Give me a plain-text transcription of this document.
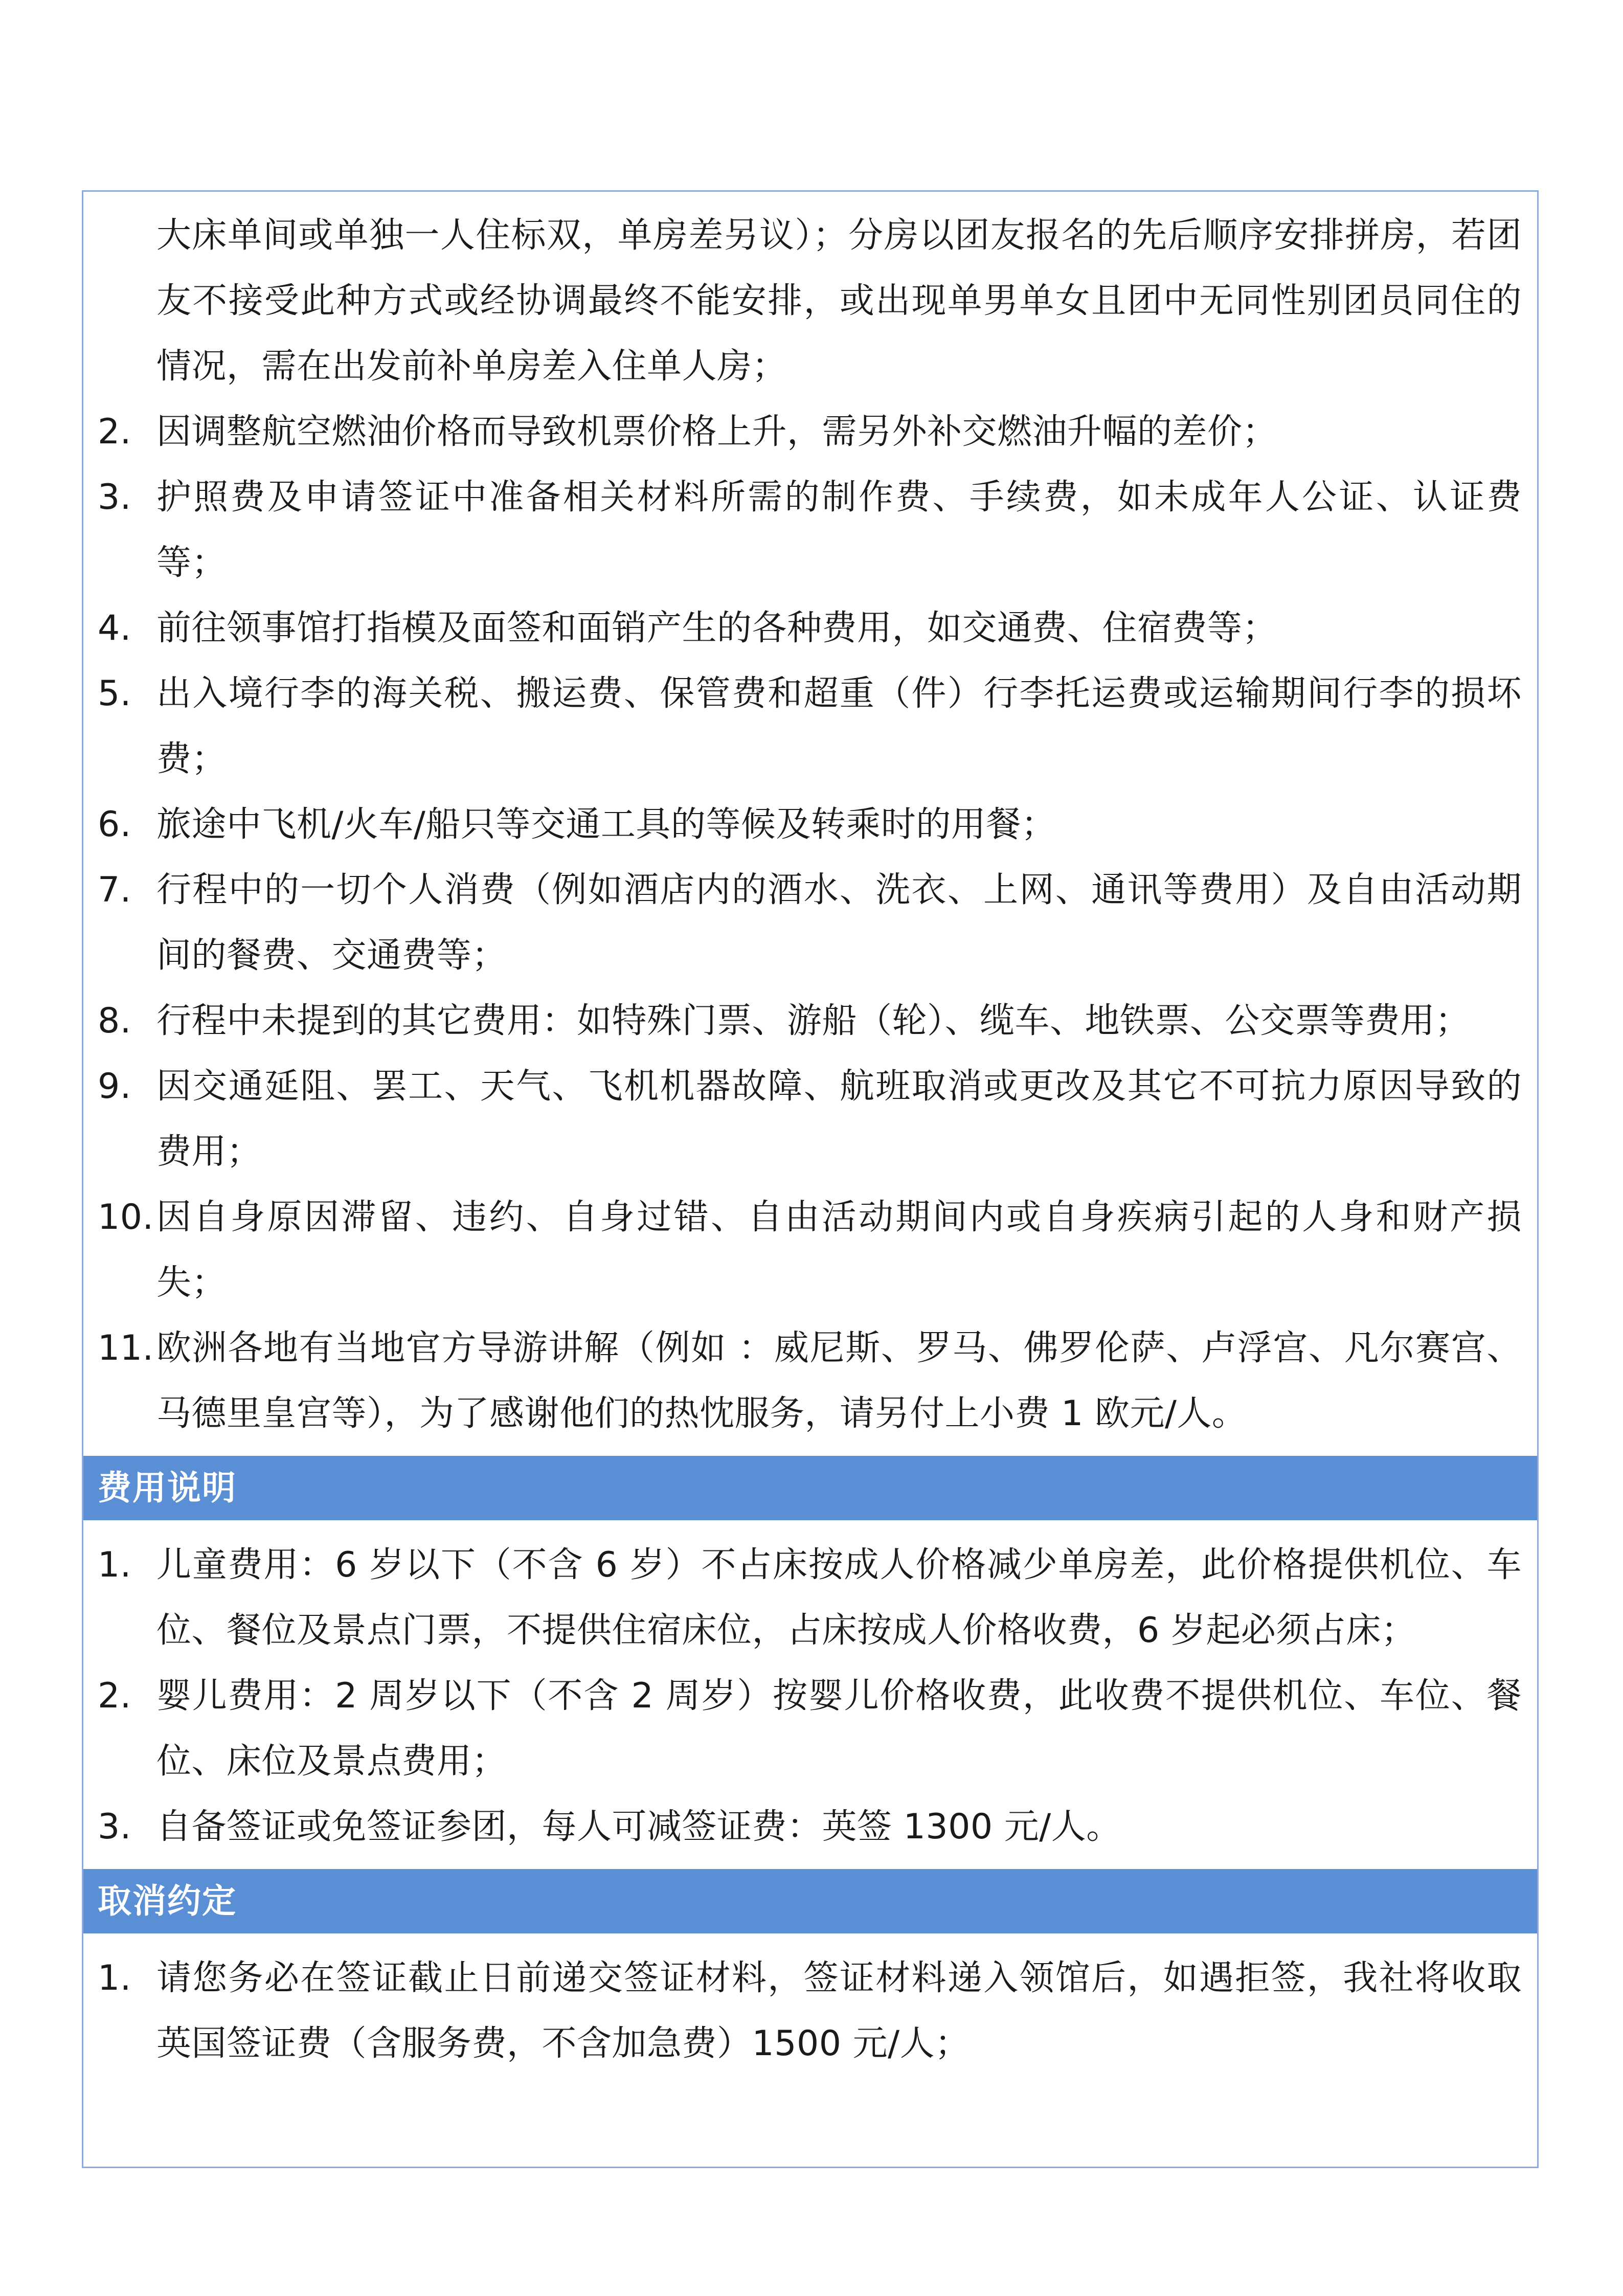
大床单间或单独一人住标双，单房差另议）；分房以团友报名的先后顺序安排拼房，若团友不接受此种方式或经协调最终不能安排，或出现单男单女且团中无同性别团员同住的情况，需在出发前补单房差入住单人房；
2. 因调整航空燃油价格而导致机票价格上升，需另外补交燃油升幅的差价；
3. 护照费及申请签证中准备相关材料所需的制作费、手续费，如未成年人公证、认证费等；
4. 前往领事馆打指模及面签和面销产生的各种费用，如交通费、住宿费等；
5. 出入境行李的海关税、搬运费、保管费和超重（件）行李托运费或运输期间行李的损坏费；
6. 旅途中飞机/火车/船只等交通工具的等候及转乘时的用餐；
7. 行程中的一切个人消费（例如酒店内的酒水、洗衣、上网、通讯等费用）及自由活动期间的餐费、交通费等；
8. 行程中未提到的其它费用：如特殊门票、游船（轮）、缆车、地铁票、公交票等费用；
9. 因交通延阻、罢工、天气、飞机机器故障、航班取消或更改及其它不可抗力原因导致的费用；
10. 因自身原因滞留、违约、自身过错、自由活动期间内或自身疾病引起的人身和财产损失；
11. 欧洲各地有当地官方导游讲解（例如 ：威尼斯、罗马、佛罗伦萨、卢浮宫、凡尔赛宫、马德里皇宫等），为了感谢他们的热忱服务，请另付上小费 1 欧元/人。
费用说明
1. 儿童费用：6 岁以下（不含 6 岁）不占床按成人价格减少单房差，此价格提供机位、车位、餐位及景点门票，不提供住宿床位，占床按成人价格收费，6 岁起必须占床；
2. 婴儿费用：2 周岁以下（不含 2 周岁）按婴儿价格收费，此收费不提供机位、车位、餐位、床位及景点费用；
3. 自备签证或免签证参团，每人可减签证费：英签 1300 元/人。
取消约定
1. 请您务必在签证截止日前递交签证材料，签证材料递入领馆后，如遇拒签，我社将收取英国签证费（含服务费，不含加急费）1500 元/人；
